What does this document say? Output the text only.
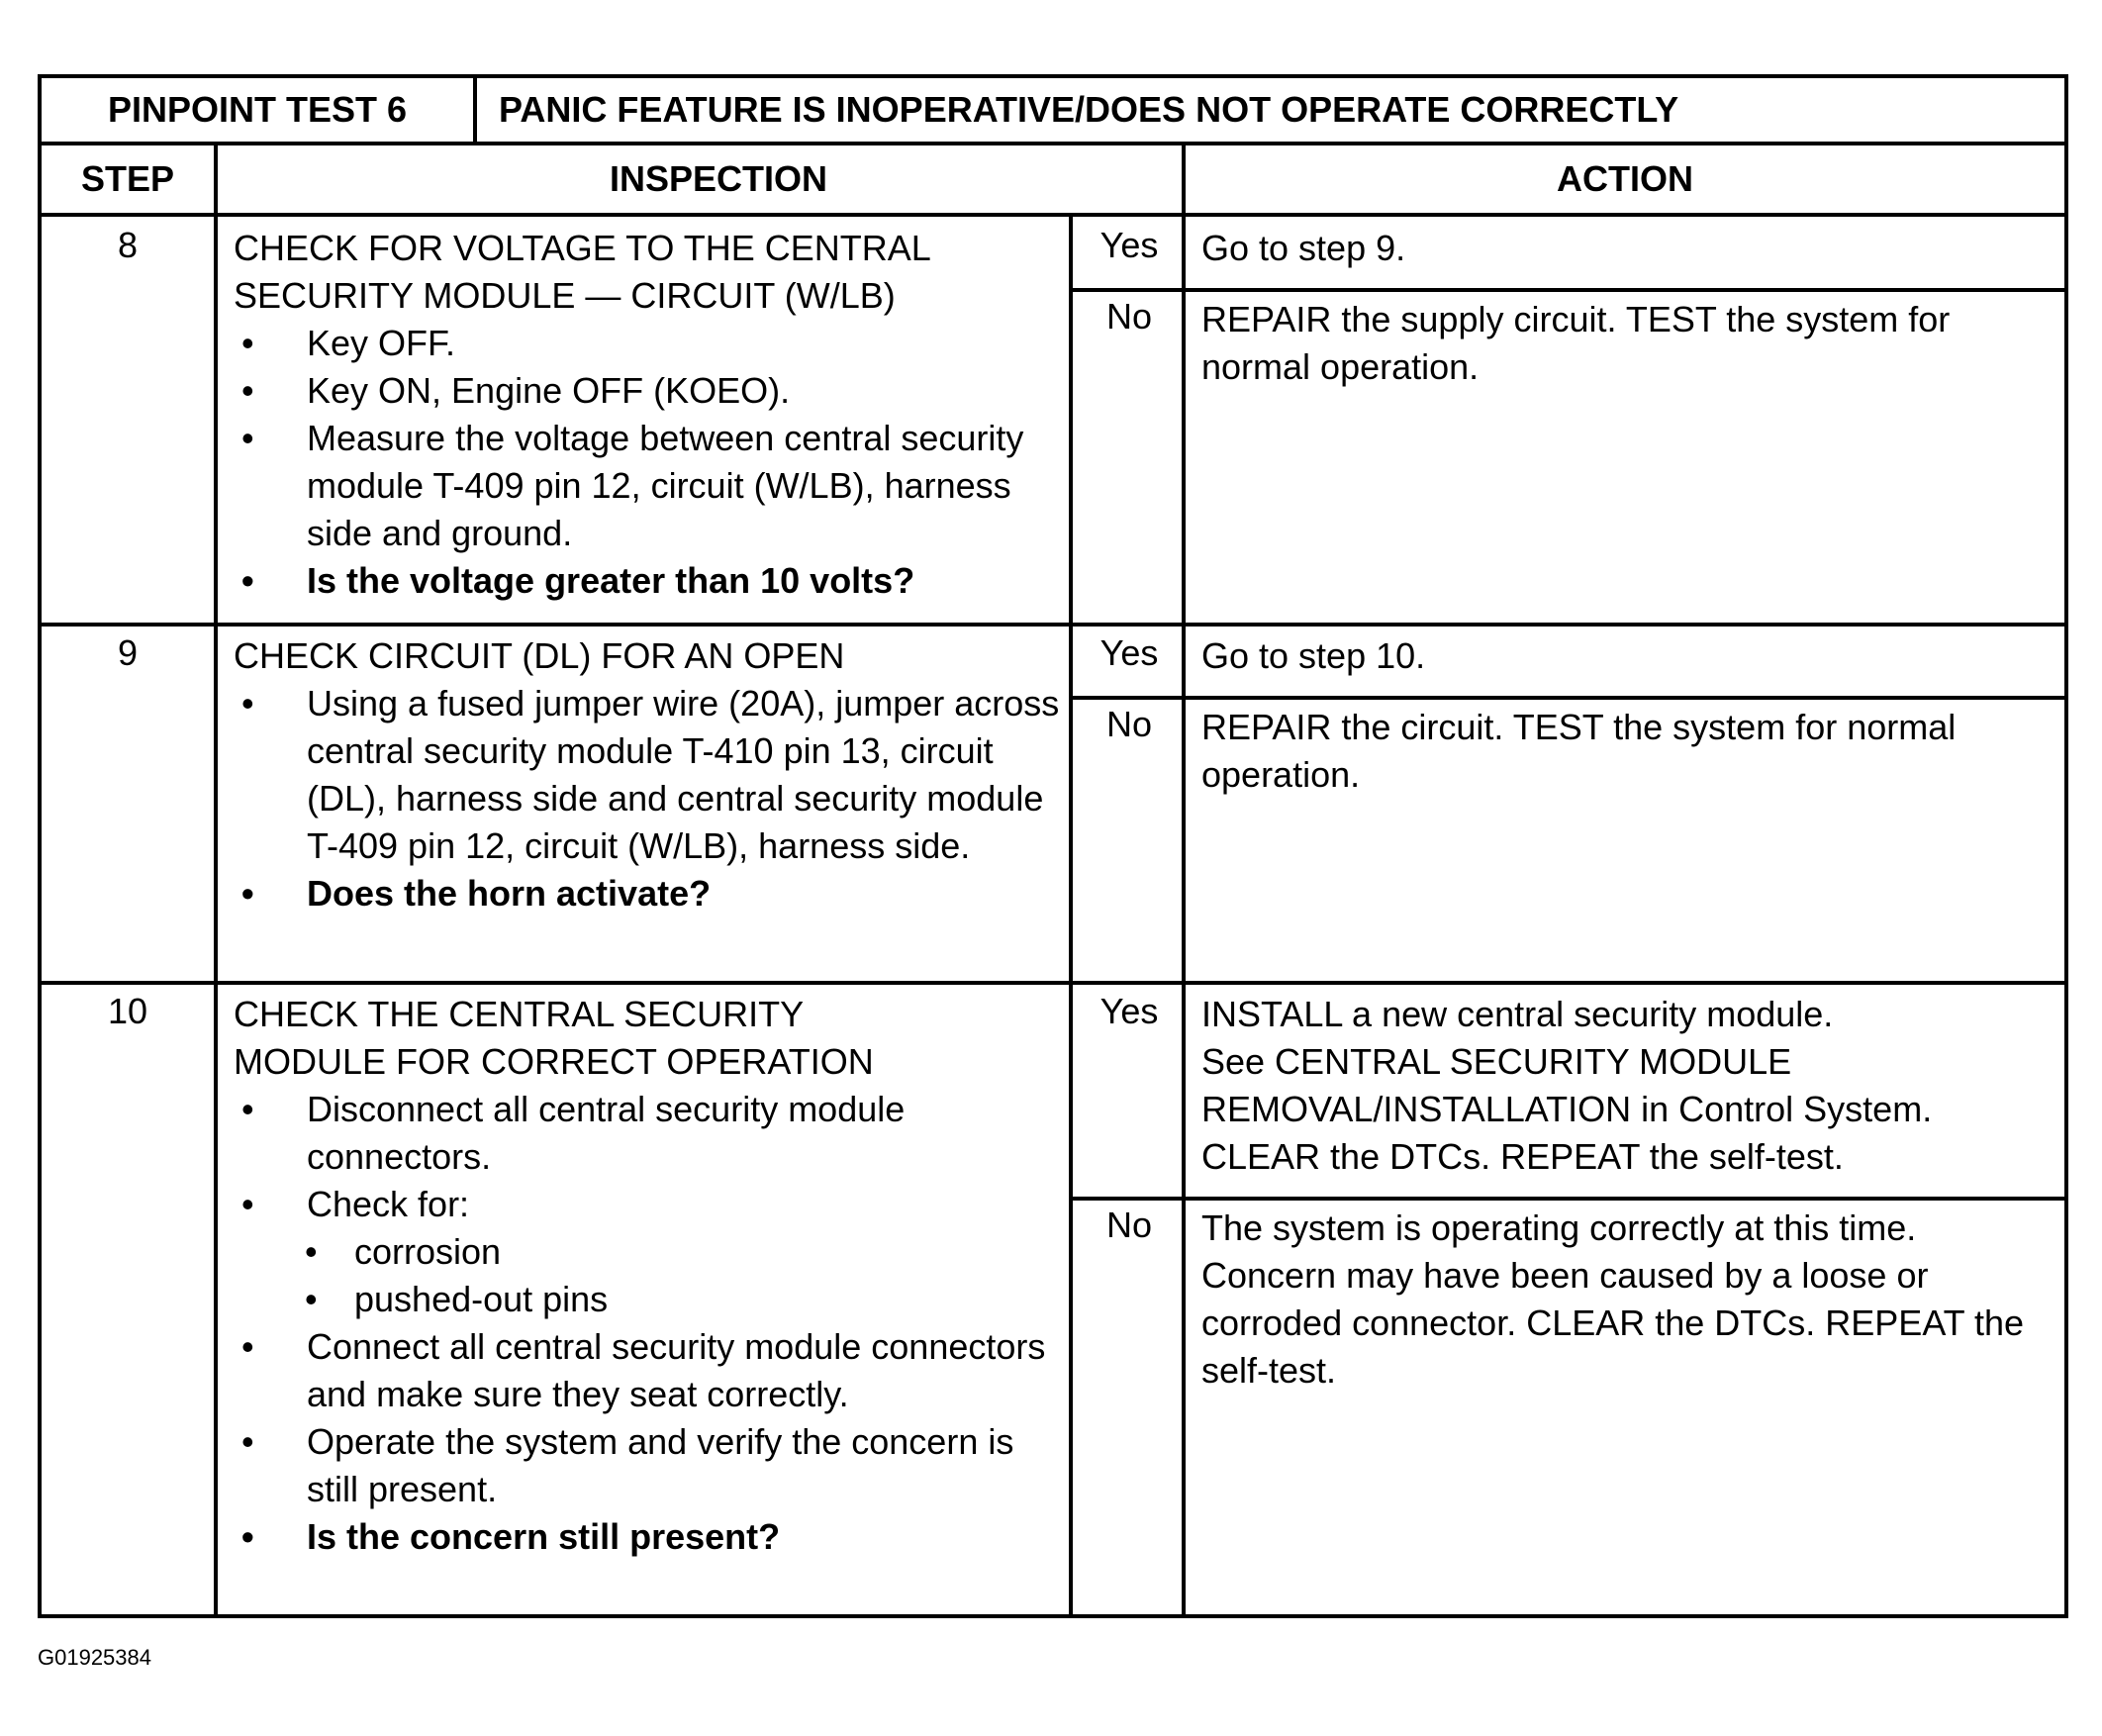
PINPOINT TEST 6	PANIC FEATURE IS INOPERATIVE/DOES NOT OPERATE CORRECTLY
STEP	INSPECTION	ACTION
8	CHECK FOR VOLTAGE TO THE CENTRAL

SECURITY MODULE — CIRCUIT (W/LB)

• Key OFF.
• Key ON, Engine OFF (KOEO).
• Measure the voltage between central security module T-409 pin 12, circuit (W/LB), harness side and ground.
• Is the voltage greater than 10 volts?
Yes	Go to step 9.
No	REPAIR the supply circuit. TEST the system for normal operation.
9	CHECK CIRCUIT (DL) FOR AN OPEN

• Using a fused jumper wire (20A), jumper across central security module T-410 pin 13, circuit (DL), harness side and central security module T-409 pin 12, circuit (W/LB), harness side.
• Does the horn activate?
Yes	Go to step 10.
No	REPAIR the circuit. TEST the system for normal operation.
10	CHECK THE CENTRAL SECURITY

MODULE FOR CORRECT OPERATION

• Disconnect all central security module connectors.
• Check for:
• corrosion
• pushed-out pins
• Connect all central security module connectors and make sure they seat correctly.
• Operate the system and verify the concern is still present.
• Is the concern still present?
Yes	INSTALL a new central security module.
See CENTRAL SECURITY MODULE
REMOVAL/INSTALLATION in Control System.
CLEAR the DTCs. REPEAT the self-test.
No	The system is operating correctly at this time. Concern may have been caused by a loose or corroded connector. CLEAR the DTCs. REPEAT the self-test.
G01925384
